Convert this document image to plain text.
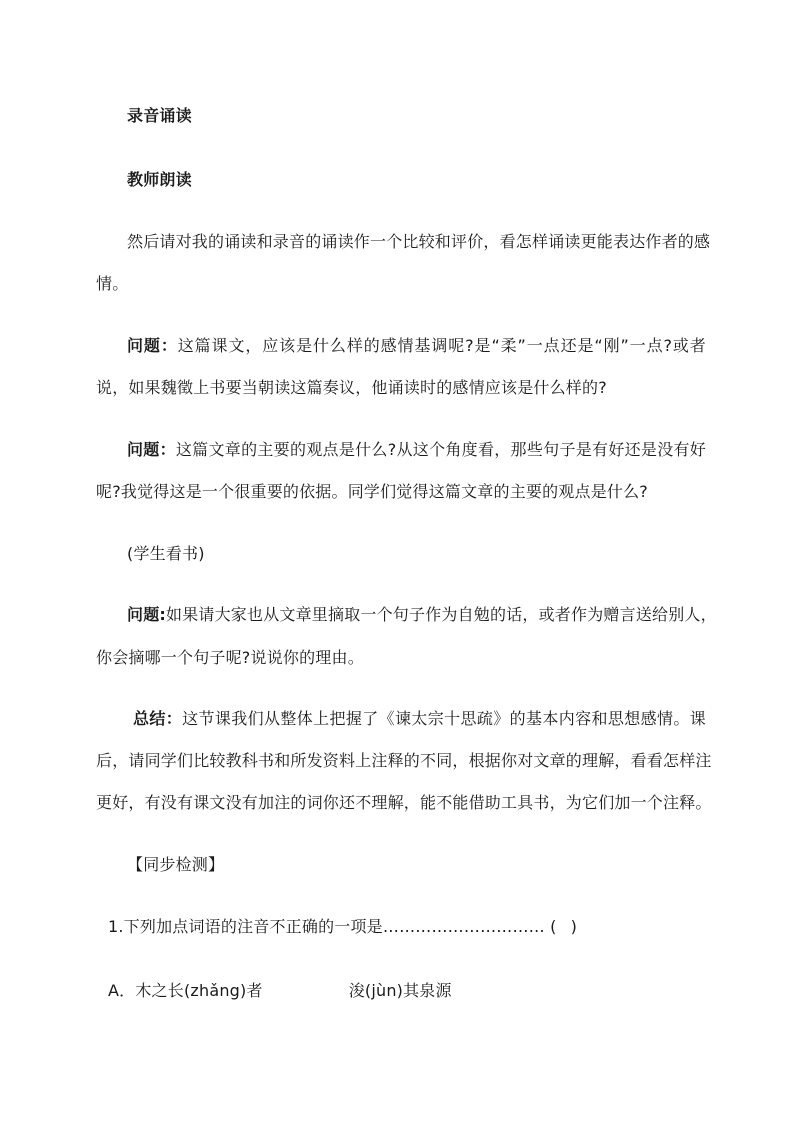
录音诵读
教师朗读
然后请对我的诵读和录音的诵读作一个比较和评价，看怎样诵读更能表达作者的感
情。
问题：这篇课文，应该是什么样的感情基调呢?是“柔”一点还是“刚”一点?或者
说，如果魏徵上书要当朝读这篇奏议，他诵读时的感情应该是什么样的?
问题：这篇文章的主要的观点是什么?从这个角度看，那些句子是有好还是没有好
呢?我觉得这是一个很重要的依据。同学们觉得这篇文章的主要的观点是什么?
(学生看书)
问题:如果请大家也从文章里摘取一个句子作为自勉的话，或者作为赠言送给别人，
你会摘哪一个句子呢?说说你的理由。
总结：这节课我们从整体上把握了《谏太宗十思疏》的基本内容和思想感情。课
后，请同学们比较教科书和所发资料上注释的不同，根据你对文章的理解，看看怎样注
更好，有没有课文没有加注的词你还不理解，能不能借助工具书，为它们加一个注释。
【同步检测】
1.下列加点词语的注音不正确的一项是………………………… ( )
A．木之长(zhǎng)者	浚(jùn)其泉源
